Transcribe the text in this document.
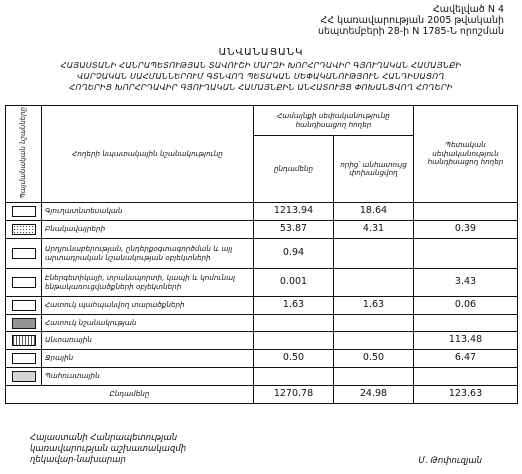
Հավելված N 4
ՀՀ կառավարության 2005 թվականի
սեպտեմբերի 28-ի N 1785-Ն որոշման
ԱՆՎԱՆԱՑԱՆԿ
ՀԱՅԱՍՏԱՆԻ ՀԱՆՐԱՊԵՏՈՒԹՅԱՆ ՏԱՎՈՒՇԻ ՄԱՐԶԻ ԽՈՐՀՐԴԱՎԻՐ ԳՅՈՒՂԱԿԱՆ ՀԱՄԱՅՆՔԻ
ՎԱՐՉԱԿԱՆ ՍԱՀՄԱՆՆԵՐՈՒՄ ԳՏՆՎՈՂ ՊԵՏԱԿԱՆ ՍԵՓԱԿԱՆՈՒԹՅՈՒՆ ՀԱՆԴԻՍԱՑՈՂ
ՀՈՂԵՐԻՑ ԽՈՐՀՐԴԱՎԻՐ ԳՅՈՒՂԱԿԱՆ ՀԱՄԱՅՆՔԻՆ ԱՆՀԱՏՈՒՅՑ ՓՈԽԱՆՑՎՈՂ ՀՈՂԵՐԻ
Պայմանական նշանները	Հողերի նպատակային նշանակությունը	Համայնքի սեփականությունը հանդիսացող հողեր		Պետական սեփականություն հանդիսացող հողեր
		ընդամենը	որից՝ անհատույց փոխանցվող	
	Գյուղատնտեսական	1213.94	18.64	
	Բնակավայրերի	53.87	4.31	0.39
	Արդյունաբերության, ընդերքօգտագործման և այլ արտադրական նշանակության օբյեկտների	0.94		
	Էներգետիկայի, տրանսպորտի, կապի և կոմունալ ենթակառուցվածքների օբյեկտների	0.001		3.43
	Հատուկ պահպանվող տարածքների	1.63	1.63	0.06
	Հատուկ նշանակության			
	Անտառային			113.48
	Ջրային	0.50	0.50	6.47
	Պահուստային			
Ընդամենը		1270.78	24.98	123.63
Հայաստանի Հանրապետության
կառավարության աշխատակազմի
ղեկավար-նախարար	Մ. Թոփուզյան
